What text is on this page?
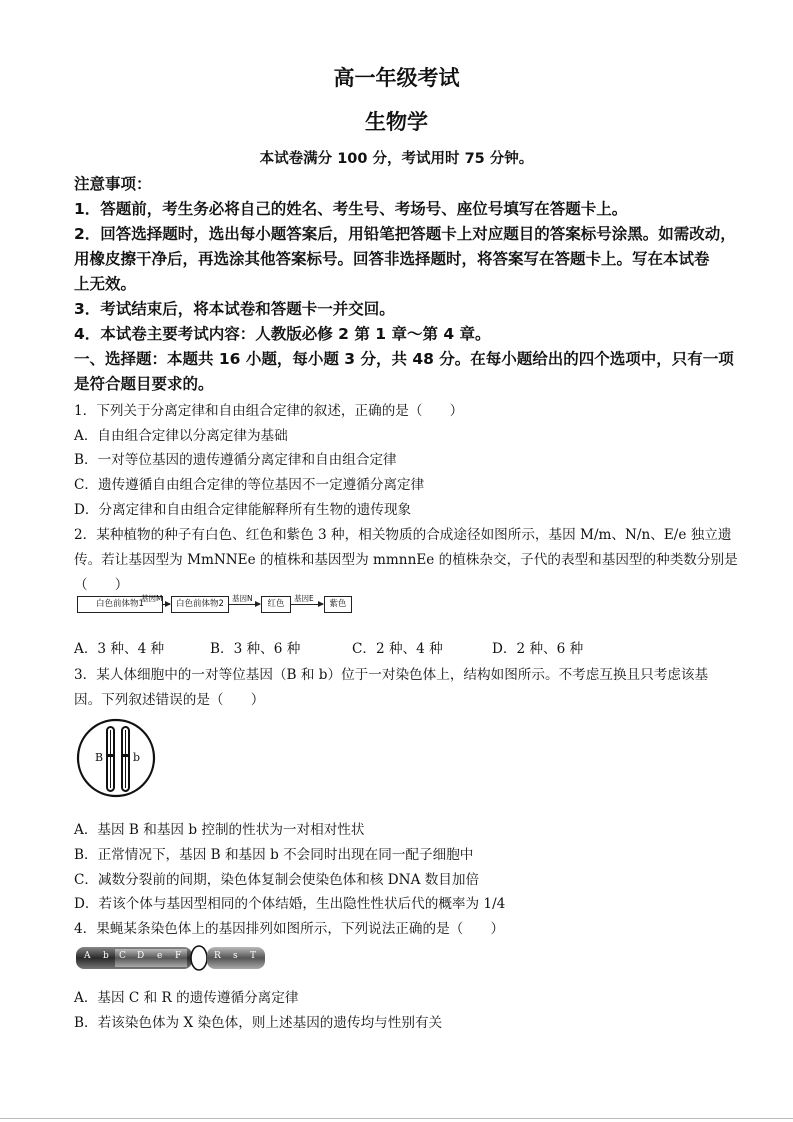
高一年级考试
生物学
本试卷满分 100 分，考试用时 75 分钟。
注意事项：
1．答题前，考生务必将自己的姓名、考生号、考场号、座位号填写在答题卡上。
2．回答选择题时，选出每小题答案后，用铅笔把答题卡上对应题目的答案标号涂黑。如需改动，
用橡皮擦干净后，再选涂其他答案标号。回答非选择题时，将答案写在答题卡上。写在本试卷
上无效。
3．考试结束后，将本试卷和答题卡一并交回。
4．本试卷主要考试内容：人教版必修 2 第 1 章～第 4 章。
一、选择题：本题共 16 小题，每小题 3 分，共 48 分。在每小题给出的四个选项中，只有一项
是符合题目要求的。
1．下列关于分离定律和自由组合定律的叙述，正确的是（　　）
A．自由组合定律以分离定律为基础
B．一对等位基因的遗传遵循分离定律和自由组合定律
C．遗传遵循自由组合定律的等位基因不一定遵循分离定律
D．分离定律和自由组合定律能解释所有生物的遗传现象
2．某种植物的种子有白色、红色和紫色 3 种，相关物质的合成途径如图所示，基因 M/m、N/n、E/e 独立遗
传。若让基因型为 MmNNEe 的植株和基因型为 mmnnEe 的植株杂交，子代的表型和基因型的种类数分别是
（　　）
白色前体物1
基因M
白色前体物2
基因N
红色
基因E
紫色
A．3 种、4 种	B．3 种、6 种	C．2 种、4 种	D．2 种、6 种
3．某人体细胞中的一对等位基因（B 和 b）位于一对染色体上，结构如图所示。不考虑互换且只考虑该基
因。下列叙述错误的是（　　）
B	b
A．基因 B 和基因 b 控制的性状为一对相对性状
B．正常情况下，基因 B 和基因 b 不会同时出现在同一配子细胞中
C．减数分裂前的间期，染色体复制会使染色体和核 DNA 数目加倍
D．若该个体与基因型相同的个体结婚，生出隐性性状后代的概率为 1/4
4．果蝇某条染色体上的基因排列如图所示，下列说法正确的是（　　）
A b C D e F	R s T
A．基因 C 和 R 的遗传遵循分离定律
B．若该染色体为 X 染色体，则上述基因的遗传均与性别有关
